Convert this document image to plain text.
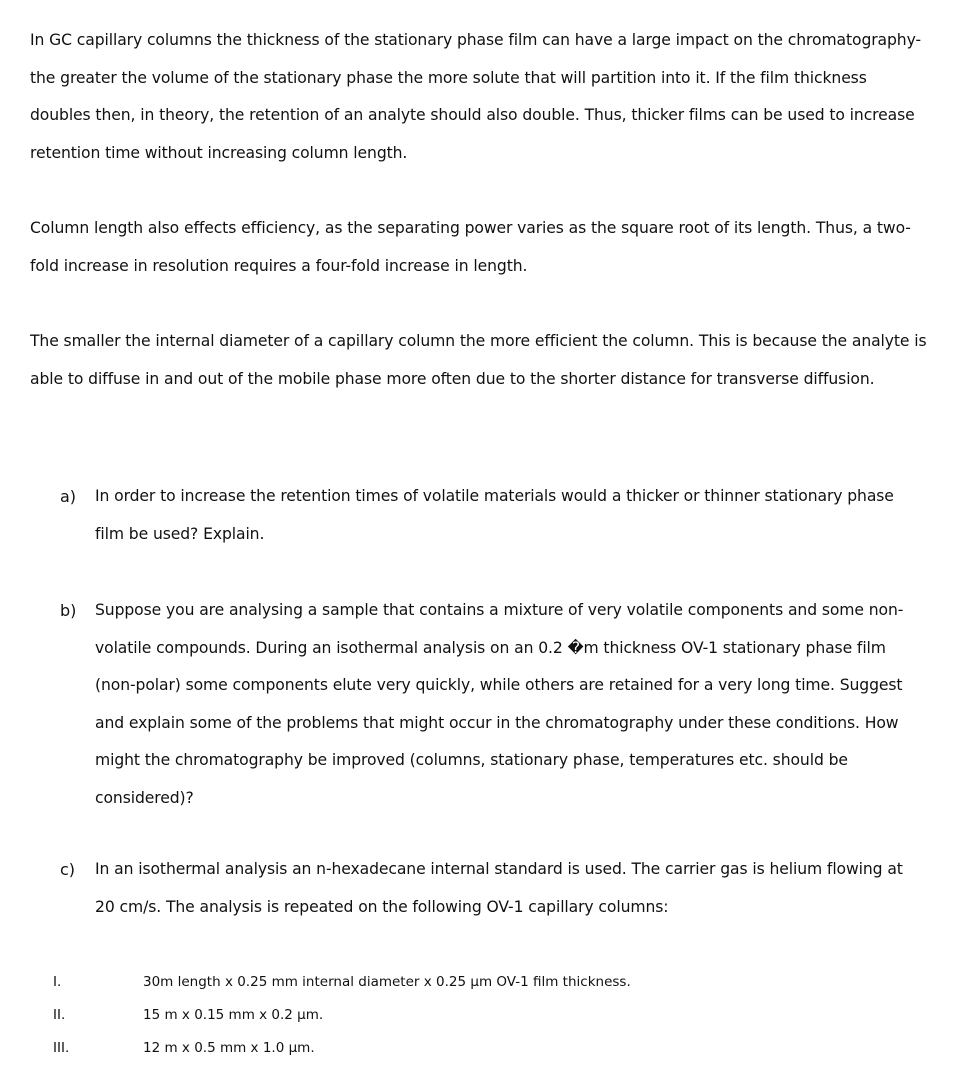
In GC capillary columns the thickness of the stationary phase film can have a large impact on the chromatography-the greater the volume of the stationary phase the more solute that will partition into it. If the film thickness doubles then, in theory, the retention of an analyte should also double. Thus, thicker films can be used to increase retention time without increasing column length.

Column length also effects efficiency, as the separating power varies as the square root of its length. Thus, a two-fold increase in resolution requires a four-fold increase in length.

The smaller the internal diameter of a capillary column the more efficient the column. This is because the analyte is able to diffuse in and out of the mobile phase more often due to the shorter distance for transverse diffusion.

a) In order to increase the retention times of volatile materials would a thicker or thinner stationary phase film be used? Explain.

b) Suppose you are analysing a sample that contains a mixture of very volatile components and some non-volatile compounds. During an isothermal analysis on an 0.2 �m thickness OV-1 stationary phase film (non-polar) some components elute very quickly, while others are retained for a very long time. Suggest and explain some of the problems that might occur in the chromatography under these conditions. How might the chromatography be improved (columns, stationary phase, temperatures etc. should be considered)?

c) In an isothermal analysis an n-hexadecane internal standard is used. The carrier gas is helium flowing at 20 cm/s. The analysis is repeated on the following OV-1 capillary columns:

I.	30m length x 0.25 mm internal diameter x 0.25 µm OV-1 film thickness.
II.	15 m x 0.15 mm x 0.2 µm.
III.	12 m x 0.5 mm x 1.0 µm.
